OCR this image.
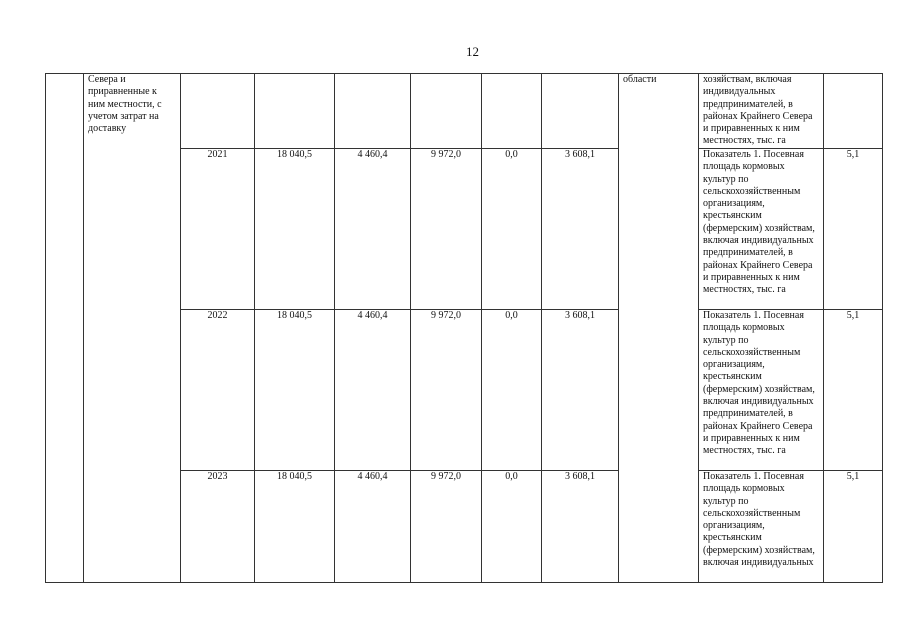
12
	Севера и приравненные к ним местности, с учетом затрат на доставку							области	хозяйствам, включая индивидуальных предпринимателей, в районах Крайнего Севера и приравненных к ним местностях, тыс. га	
		2021	18 040,5	4 460,4	9 972,0	0,0	3 608,1		Показатель 1. Посевная площадь кормовых культур по сельскохозяйственным организациям, крестьянским (фермерским) хозяйствам, включая индивидуальных предпринимателей, в районах Крайнего Севера и приравненных к ним местностях, тыс. га	5,1
		2022	18 040,5	4 460,4	9 972,0	0,0	3 608,1		Показатель 1. Посевная площадь кормовых культур по сельскохозяйственным организациям, крестьянским (фермерским) хозяйствам, включая индивидуальных предпринимателей, в районах Крайнего Севера и приравненных к ним местностях, тыс. га	5,1
		2023	18 040,5	4 460,4	9 972,0	0,0	3 608,1		Показатель 1. Посевная площадь кормовых культур по сельскохозяйственным организациям, крестьянским (фермерским) хозяйствам, включая индивидуальных	5,1
